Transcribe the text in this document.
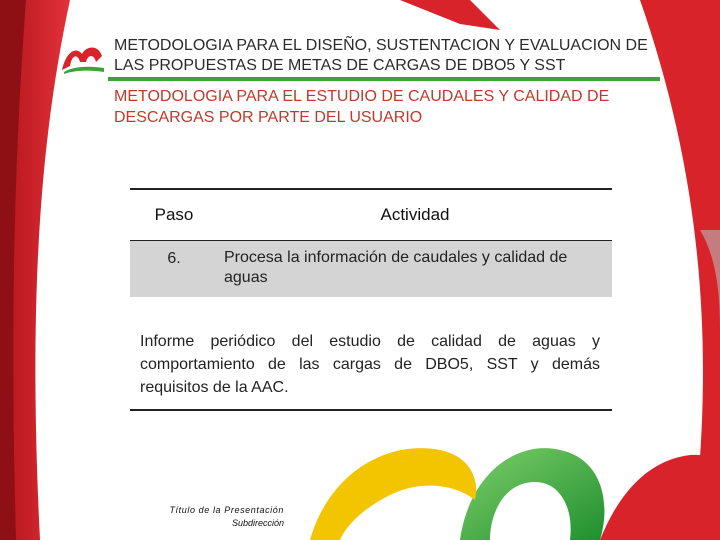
METODOLOGIA PARA EL DISEÑO, SUSTENTACION Y EVALUACION DE LAS PROPUESTAS DE METAS DE CARGAS DE DBO5 Y SST
METODOLOGIA PARA EL ESTUDIO DE CAUDALES Y CALIDAD DE DESCARGAS POR PARTE DEL USUARIO
Paso	Actividad
6.	Procesa la información de caudales y calidad de aguas
Informe periódico del estudio de calidad de aguas y comportamiento de las cargas de DBO5, SST y demás requisitos de la AAC.
Título de la Presentación
Subdirección
